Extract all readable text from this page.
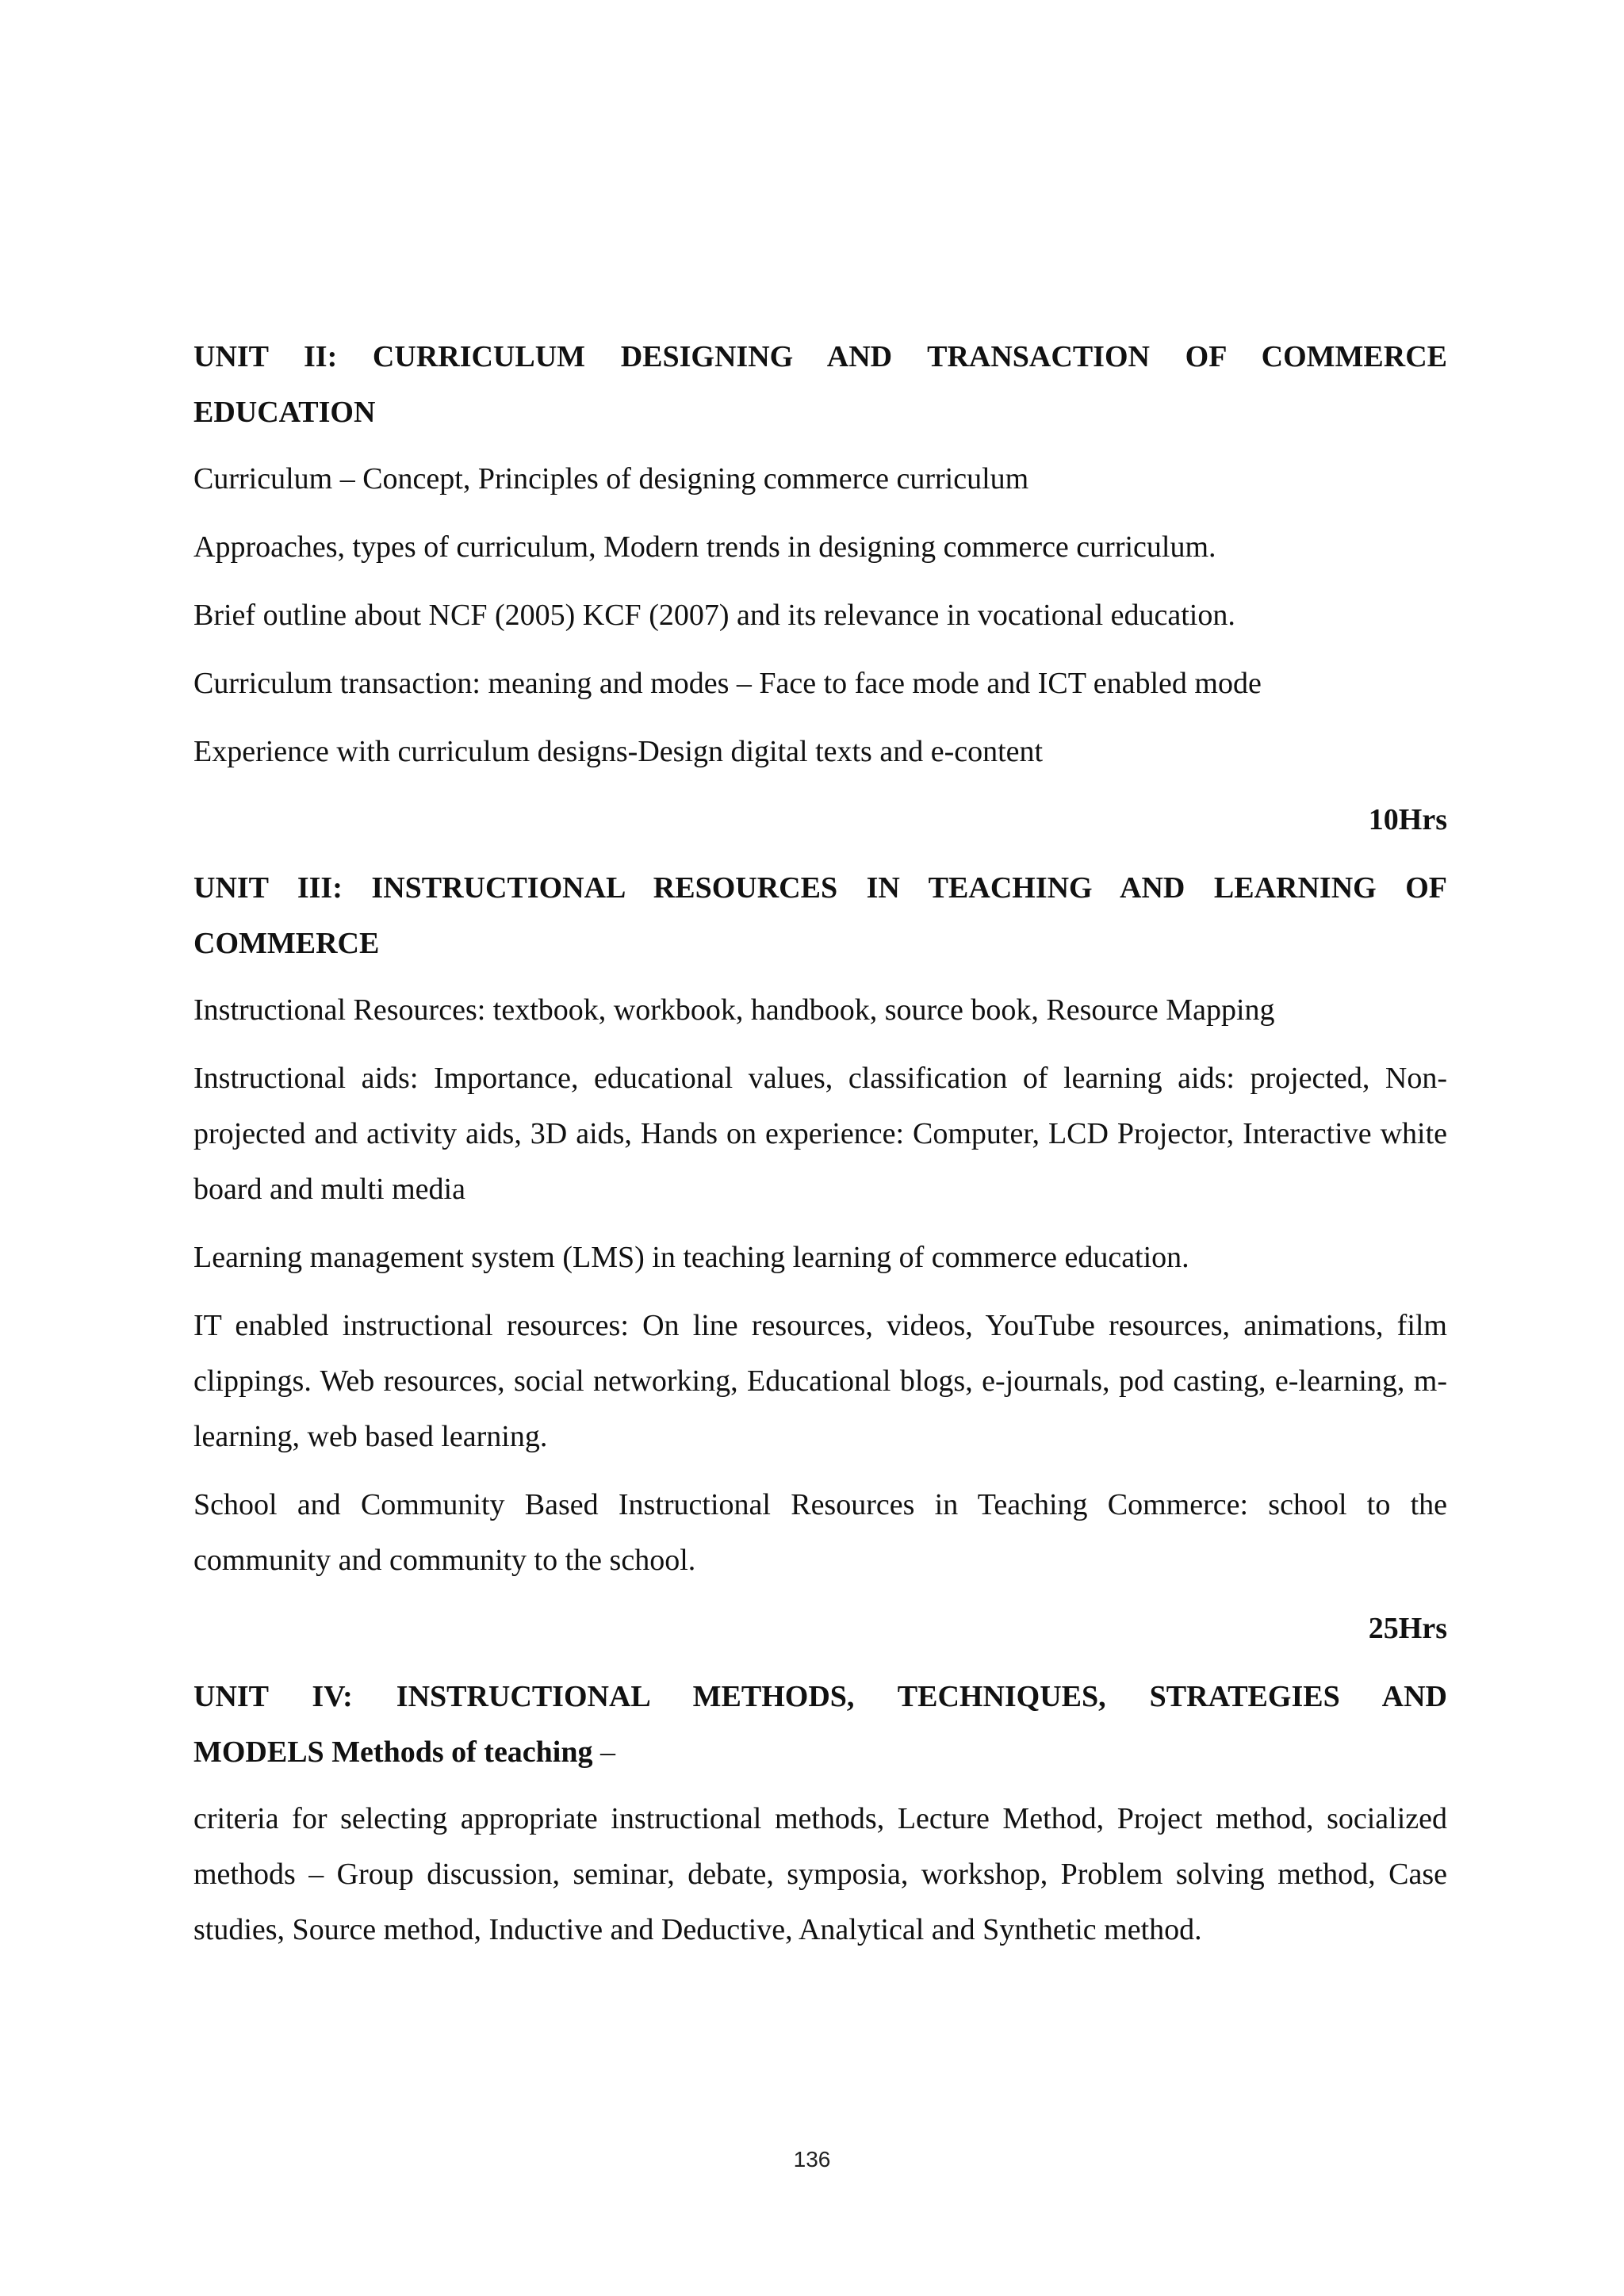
UNIT II: CURRICULUM DESIGNING AND TRANSACTION OF COMMERCE
EDUCATION

Curriculum – Concept, Principles of designing commerce curriculum

Approaches, types of curriculum, Modern trends in designing commerce curriculum.

Brief outline about NCF (2005) KCF (2007) and its relevance in vocational education.

Curriculum transaction: meaning and modes – Face to face mode and ICT enabled mode

Experience with curriculum designs-Design digital texts and e-content

10Hrs
UNIT III: INSTRUCTIONAL RESOURCES IN TEACHING AND LEARNING OF
COMMERCE

Instructional Resources: textbook, workbook, handbook, source book, Resource Mapping

Instructional aids: Importance, educational values, classification of learning aids: projected, Non-projected and activity aids, 3D aids, Hands on experience: Computer, LCD Projector, Interactive white board and multi media

Learning management system (LMS) in teaching learning of commerce education.

IT enabled instructional resources: On line resources, videos, YouTube resources, animations, film clippings. Web resources, social networking, Educational blogs, e-journals, pod casting, e-learning, m- learning, web based learning.

School and Community Based Instructional Resources in Teaching Commerce: school to the community and community to the school.

25Hrs
UNIT IV: INSTRUCTIONAL METHODS, TECHNIQUES, STRATEGIES AND
MODELS Methods of teaching –

criteria for selecting appropriate instructional methods, Lecture Method, Project method, socialized methods – Group discussion, seminar, debate, symposia, workshop, Problem solving method, Case studies, Source method, Inductive and Deductive, Analytical and Synthetic method.

136
